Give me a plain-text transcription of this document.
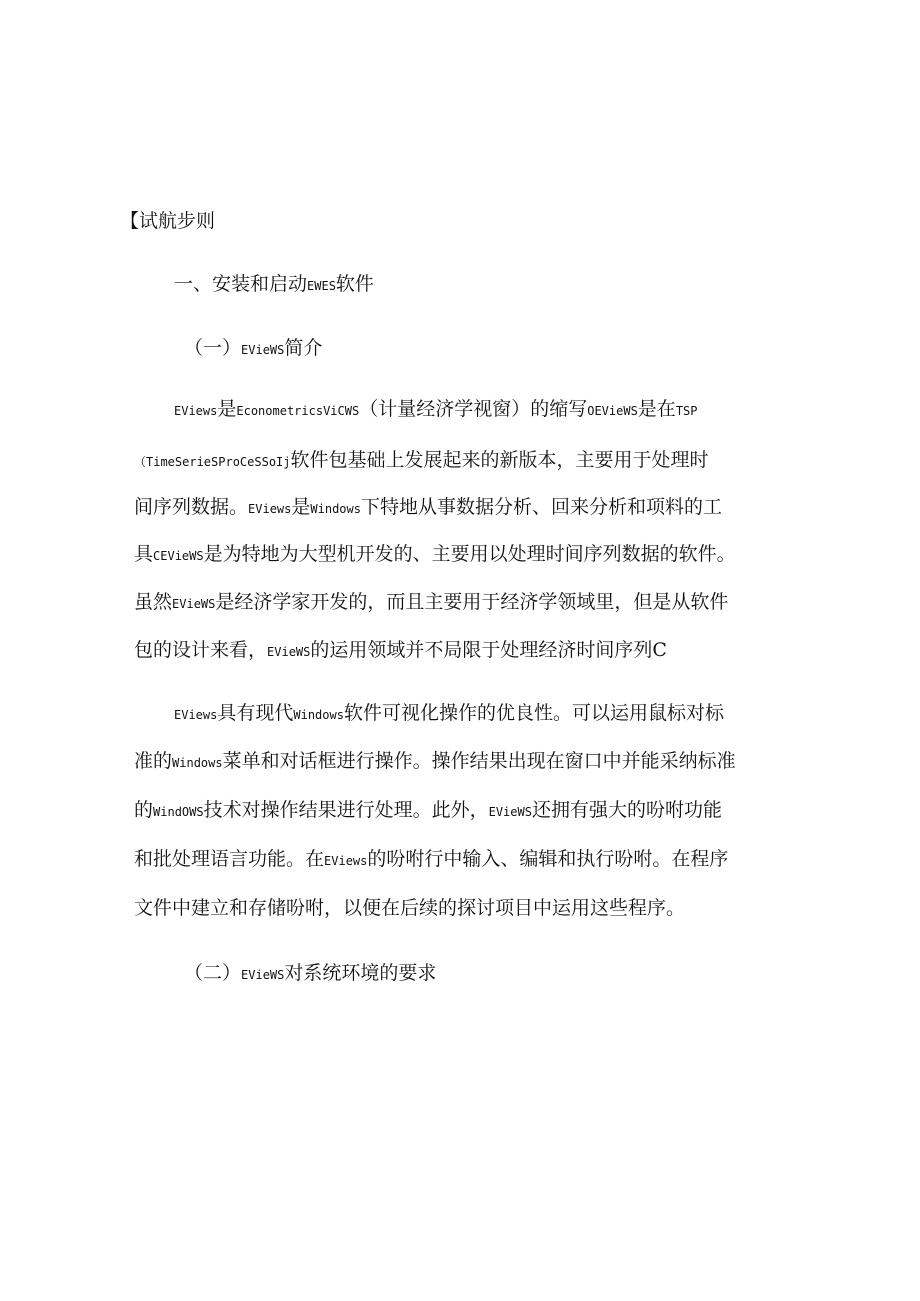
【试航步则
一、安装和启动EWES软件
（一）EVieWS简介
EViews是EconometricsViCWS（计量经济学视窗）的缩写OEVieWS是在TSP
（TimeSerieSProCeSSoIj软件包基础上发展起来的新版本，主要用于处理时
间序列数据。EViews是Windows下特地从事数据分析、回来分析和项料的工
具CEVieWS是为特地为大型机开发的、主要用以处理时间序列数据的软件。
虽然EVieWS是经济学家开发的，而且主要用于经济学领域里，但是从软件
包的设计来看，EVieWS的运用领域并不局限于处理经济时间序列C
EViews具有现代Windows软件可视化操作的优良性。可以运用鼠标对标
准的Windows菜单和对话框进行操作。操作结果出现在窗口中并能采纳标准
的WindOWS技术对操作结果进行处理。此外，EVieWS还拥有强大的吩咐功能
和批处理语言功能。在EViews的吩咐行中输入、编辑和执行吩咐。在程序
文件中建立和存储吩咐，以便在后续的探讨项目中运用这些程序。
（二）EVieWS对系统环境的要求
